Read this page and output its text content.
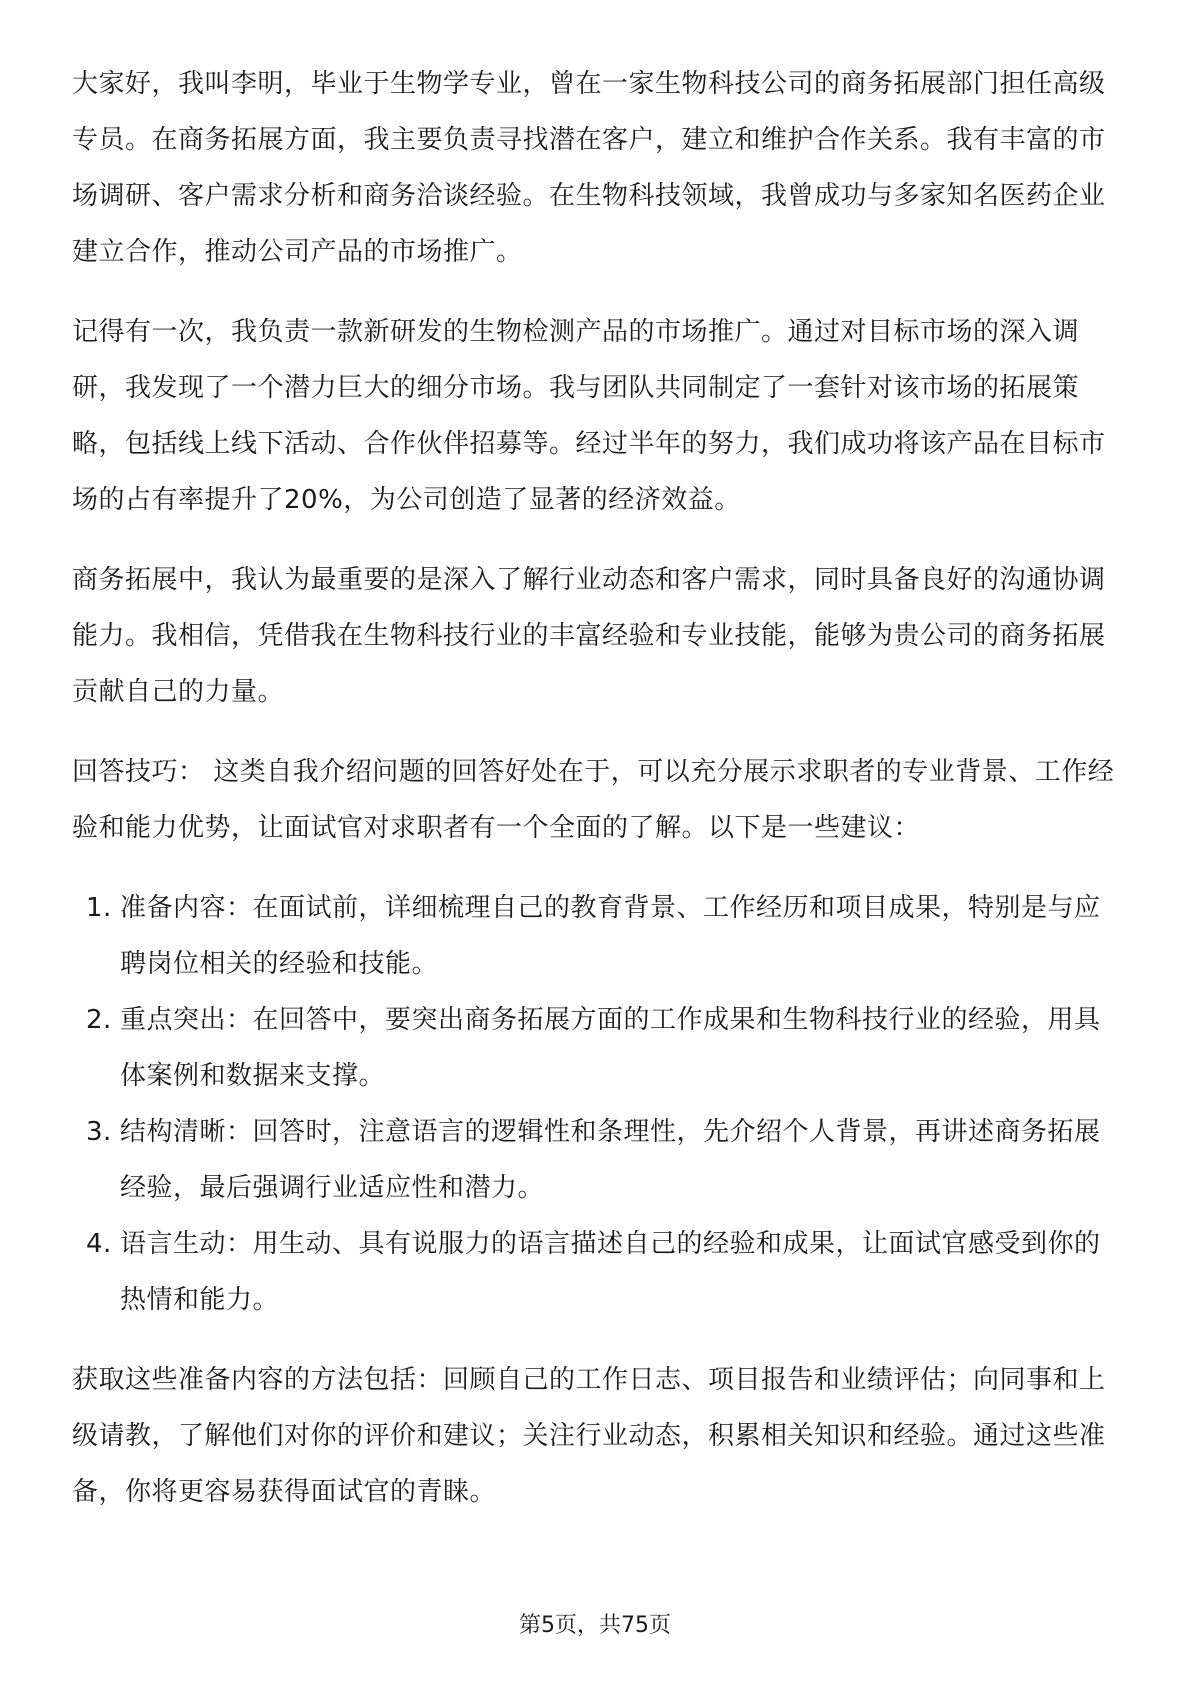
大家好，我叫李明，毕业于生物学专业，曾在一家生物科技公司的商务拓展部门担任高级专员。在商务拓展方面，我主要负责寻找潜在客户，建立和维护合作关系。我有丰富的市场调研、客户需求分析和商务洽谈经验。在生物科技领域，我曾成功与多家知名医药企业建立合作，推动公司产品的市场推广。

记得有一次，我负责一款新研发的生物检测产品的市场推广。通过对目标市场的深入调研，我发现了一个潜力巨大的细分市场。我与团队共同制定了一套针对该市场的拓展策略，包括线上线下活动、合作伙伴招募等。经过半年的努力，我们成功将该产品在目标市场的占有率提升了20%，为公司创造了显著的经济效益。

商务拓展中，我认为最重要的是深入了解行业动态和客户需求，同时具备良好的沟通协调能力。我相信，凭借我在生物科技行业的丰富经验和专业技能，能够为贵公司的商务拓展贡献自己的力量。

回答技巧： 这类自我介绍问题的回答好处在于，可以充分展示求职者的专业背景、工作经验和能力优势，让面试官对求职者有一个全面的了解。以下是一些建议：

1. 准备内容：在面试前，详细梳理自己的教育背景、工作经历和项目成果，特别是与应聘岗位相关的经验和技能。
2. 重点突出：在回答中，要突出商务拓展方面的工作成果和生物科技行业的经验，用具体案例和数据来支撑。
3. 结构清晰：回答时，注意语言的逻辑性和条理性，先介绍个人背景，再讲述商务拓展经验，最后强调行业适应性和潜力。
4. 语言生动：用生动、具有说服力的语言描述自己的经验和成果，让面试官感受到你的热情和能力。

获取这些准备内容的方法包括：回顾自己的工作日志、项目报告和业绩评估；向同事和上级请教，了解他们对你的评价和建议；关注行业动态，积累相关知识和经验。通过这些准备，你将更容易获得面试官的青睐。

第5页，共75页
